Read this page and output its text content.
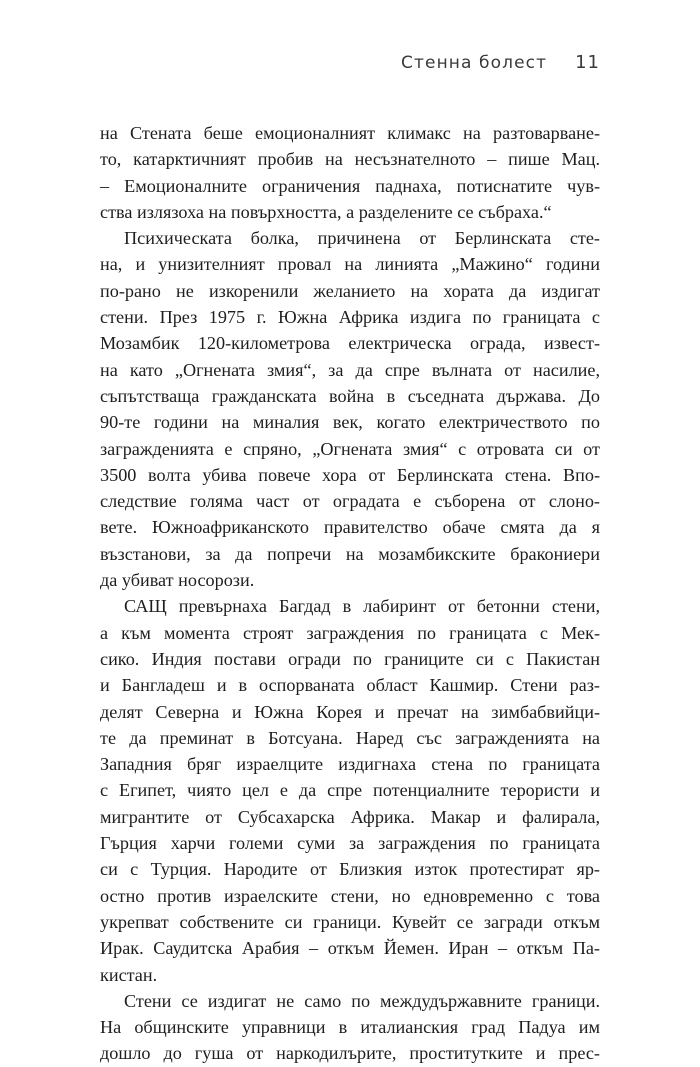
Стенна болест 11

на Стената беше емоционалният климакс на разтоварване-
то, катарктичният пробив на несъзнателното – пише Мац.
– Емоционалните ограничения паднаха, потиснатите чув-
ства излязоха на повърхността, а разделените се събраха.“

Психическата болка, причинена от Берлинската сте-
на, и унизителният провал на линията „Мажино“ години
по-рано не изкоренили желанието на хората да издигат
стени. През 1975 г. Южна Африка издига по границата с
Мозамбик 120-километрова електрическа ограда, извест-
на като „Огнената змия“, за да спре вълната от насилие,
съпътстваща гражданската война в съседната държава. До
90-те години на миналия век, когато електричеството по
загражденията е спряно, „Огнената змия“ с отровата си от
3500 волта убива повече хора от Берлинската стена. Впо-
следствие голяма част от оградата е съборена от слоно-
вете. Южноафриканското правителство обаче смята да я
възстанови, за да попречи на мозамбикските бракониери
да убиват носорози.

САЩ превърнаха Багдад в лабиринт от бетонни стени,
а към момента строят заграждения по границата с Мек-
сико. Индия постави огради по границите си с Пакистан
и Бангладеш и в оспорваната област Кашмир. Стени раз-
делят Северна и Южна Корея и пречат на зимбабвийци-
те да преминат в Ботсуана. Наред със загражденията на
Западния бряг израелците издигнаха стена по границата
с Египет, чиято цел е да спре потенциалните терористи и
мигрантите от Субсахарска Африка. Макар и фалирала,
Гърция харчи големи суми за заграждения по границата
си с Турция. Народите от Близкия изток протестират яр-
остно против израелските стени, но едновременно с това
укрепват собствените си граници. Кувейт се загради откъм
Ирак. Саудитска Арабия – откъм Йемен. Иран – откъм Па-
кистан.

Стени се издигат не само по междудържавните граници.
На общинските управници в италианския град Падуа им
дошло до гуша от наркодилърите, проститутките и прес-
